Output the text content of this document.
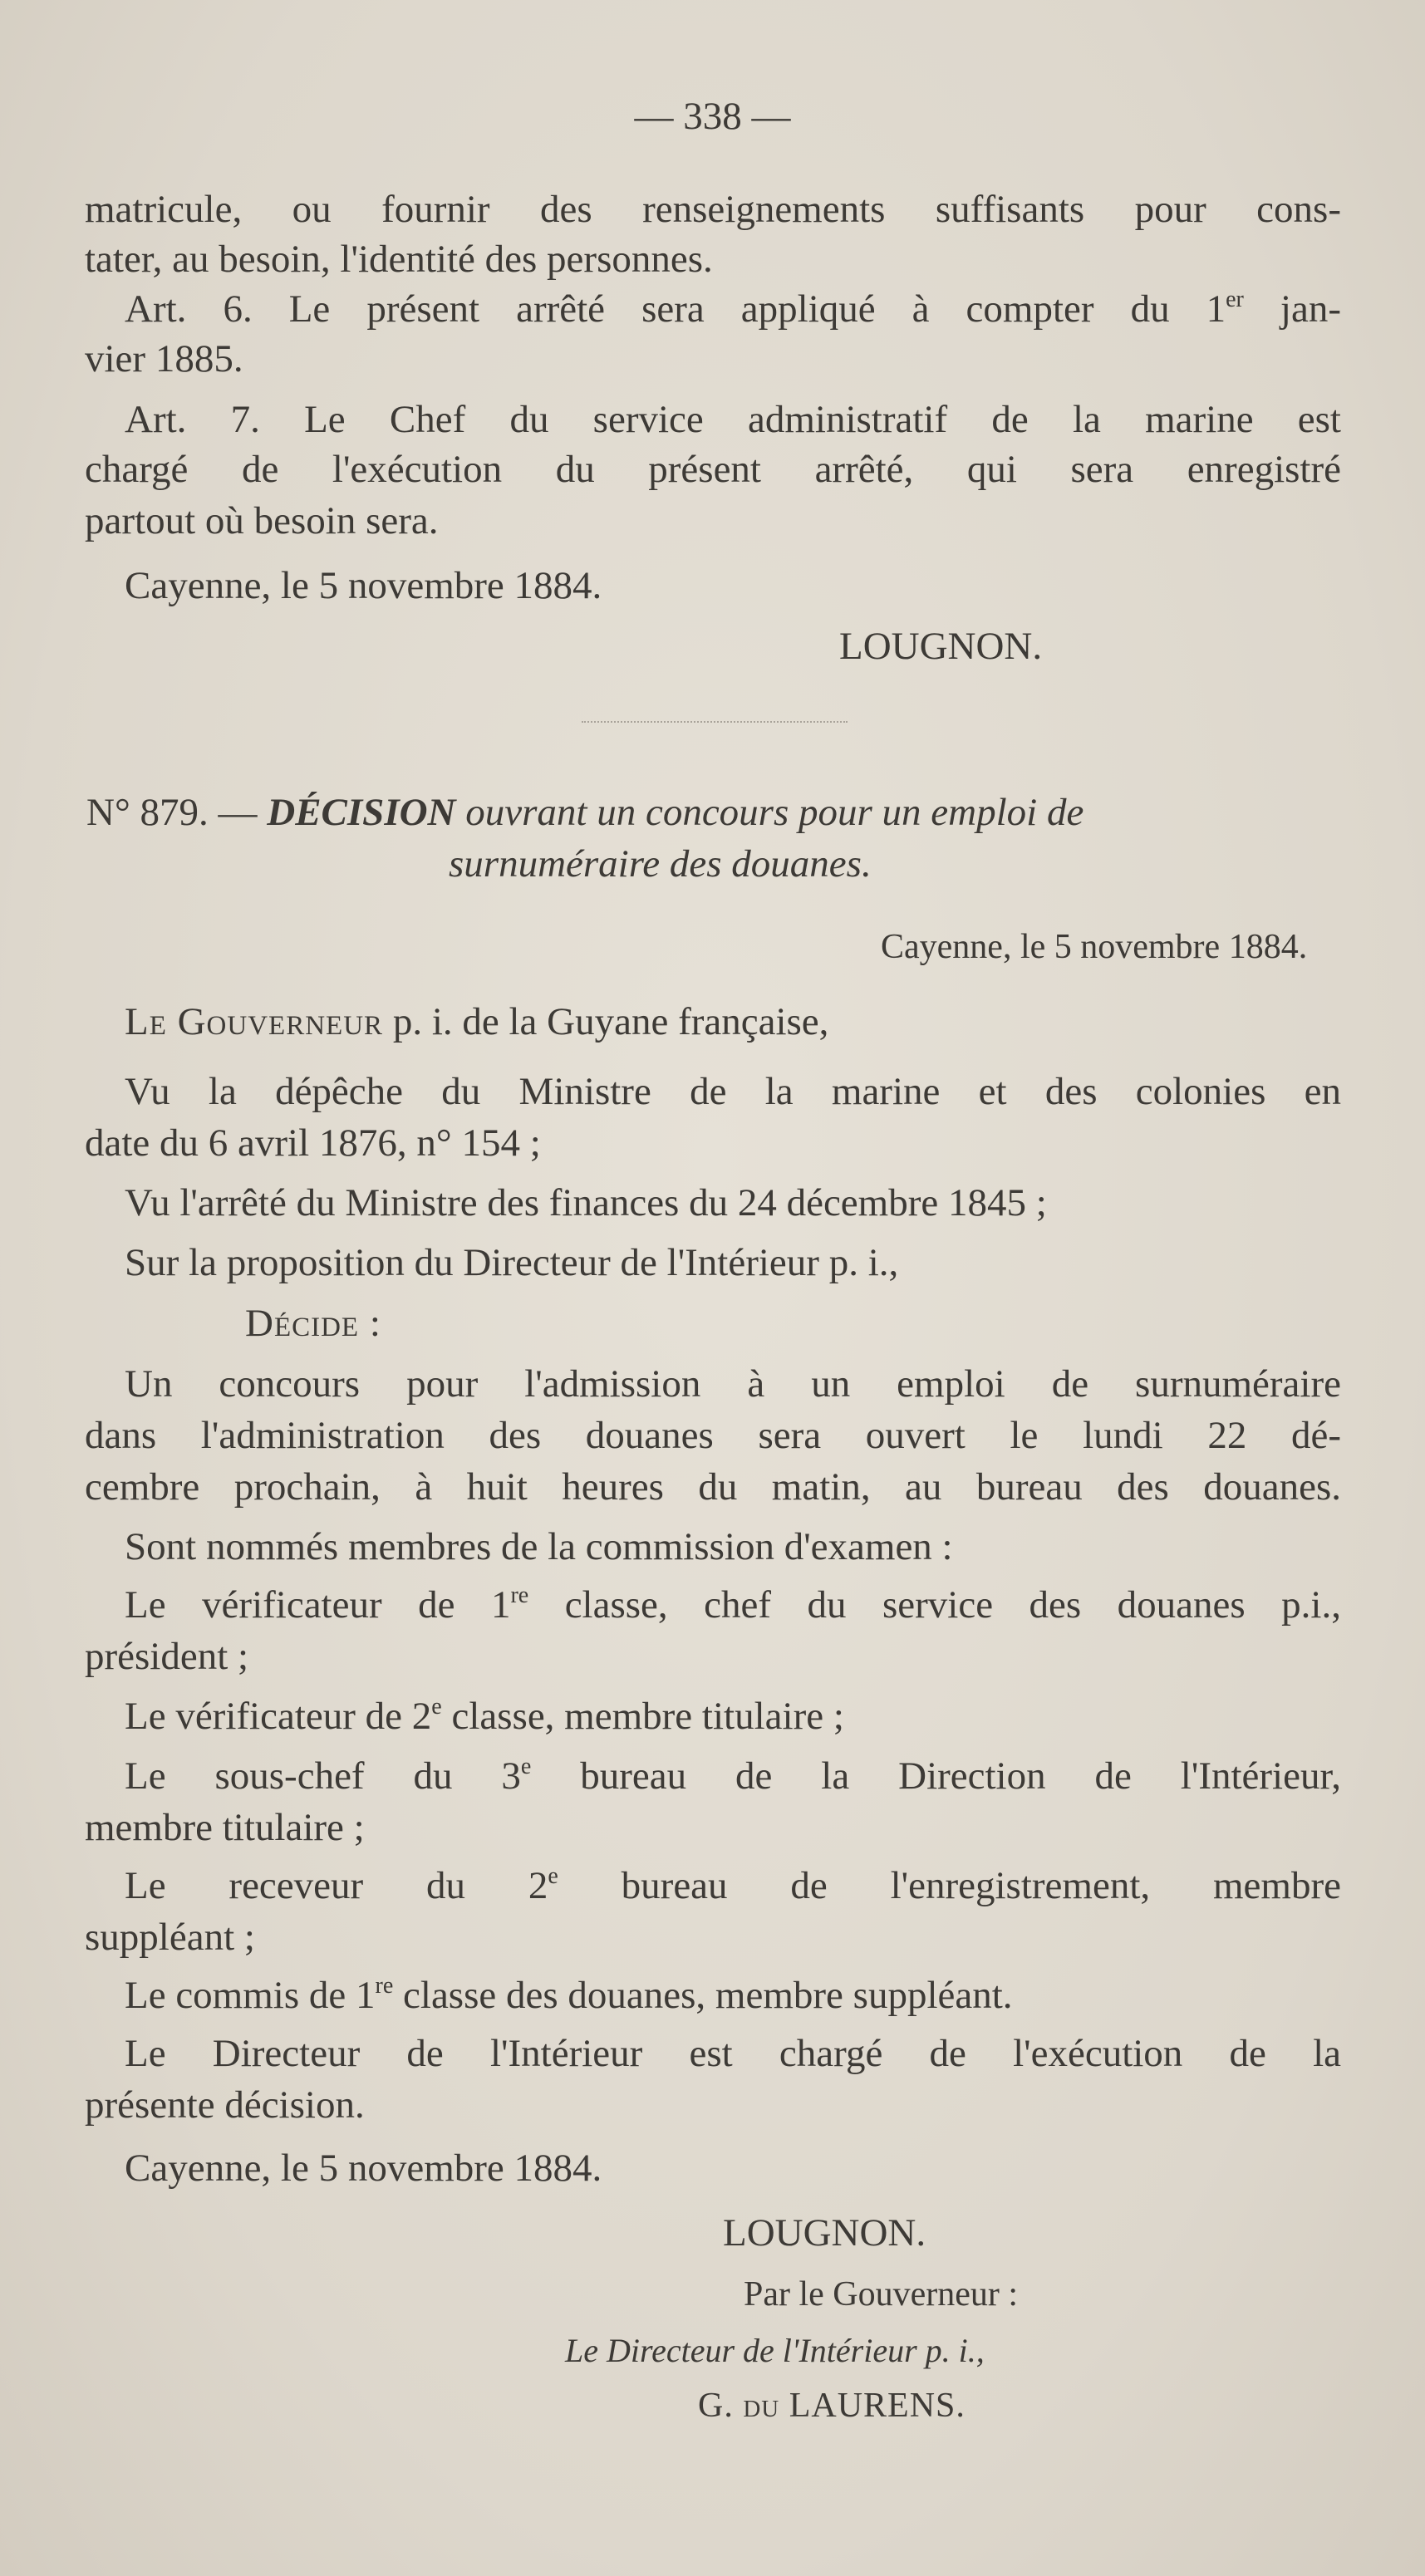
— 338 —
matricule, ou fournir des renseignements suffisants pour cons-
tater, au besoin, l'identité des personnes.
Art. 6. Le présent arrêté sera appliqué à compter du 1er jan-
vier 1885.
Art. 7. Le Chef du service administratif de la marine est
chargé de l'exécution du présent arrêté, qui sera enregistré
partout où besoin sera.
Cayenne, le 5 novembre 1884.
LOUGNON.
N° 879. — DÉCISION ouvrant un concours pour un emploi de
surnuméraire des douanes.
Cayenne, le 5 novembre 1884.
Le Gouverneur p. i. de la Guyane française,
Vu la dépêche du Ministre de la marine et des colonies en
date du 6 avril 1876, n° 154 ;
Vu l'arrêté du Ministre des finances du 24 décembre 1845 ;
Sur la proposition du Directeur de l'Intérieur p. i.,
Décide :
Un concours pour l'admission à un emploi de surnuméraire
dans l'administration des douanes sera ouvert le lundi 22 dé-
cembre prochain, à huit heures du matin, au bureau des douanes.
Sont nommés membres de la commission d'examen :
Le vérificateur de 1re classe, chef du service des douanes p.i.,
président ;
Le vérificateur de 2e classe, membre titulaire ;
Le sous-chef du 3e bureau de la Direction de l'Intérieur,
membre titulaire ;
Le receveur du 2e bureau de l'enregistrement, membre
suppléant ;
Le commis de 1re classe des douanes, membre suppléant.
Le Directeur de l'Intérieur est chargé de l'exécution de la
présente décision.
Cayenne, le 5 novembre 1884.
LOUGNON.
Par le Gouverneur :
Le Directeur de l'Intérieur p. i.,
G. du LAURENS.
